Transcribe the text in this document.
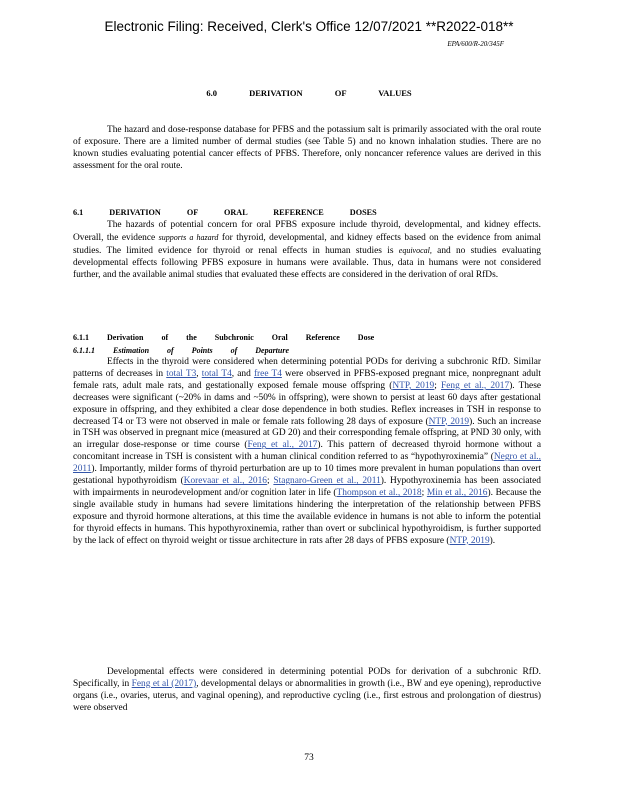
Electronic Filing: Received, Clerk's Office 12/07/2021 **R2022-018**
EPA/600/R-20/345F
6.0 DERIVATION OF VALUES

The hazard and dose-response database for PFBS and the potassium salt is primarily associated with the oral route of exposure. There are a limited number of dermal studies (see Table 5) and no known inhalation studies. There are no known studies evaluating potential cancer effects of PFBS. Therefore, only noncancer reference values are derived in this assessment for the oral route.

6.1 DERIVATION OF ORAL REFERENCE DOSES

The hazards of potential concern for oral PFBS exposure include thyroid, developmental, and kidney effects. Overall, the evidence supports a hazard for thyroid, developmental, and kidney effects based on the evidence from animal studies. The limited evidence for thyroid or renal effects in human studies is equivocal, and no studies evaluating developmental effects following PFBS exposure in humans were available. Thus, data in humans were not considered further, and the available animal studies that evaluated these effects are considered in the derivation of oral RfDs.

6.1.1 Derivation of the Subchronic Oral Reference Dose
6.1.1.1 Estimation of Points of Departure

Effects in the thyroid were considered when determining potential PODs for deriving a subchronic RfD. Similar patterns of decreases in total T3, total T4, and free T4 were observed in PFBS-exposed pregnant mice, nonpregnant adult female rats, adult male rats, and gestationally exposed female mouse offspring (NTP, 2019; Feng et al., 2017). These decreases were significant (~20% in dams and ~50% in offspring), were shown to persist at least 60 days after gestational exposure in offspring, and they exhibited a clear dose dependence in both studies. Reflex increases in TSH in response to decreased T4 or T3 were not observed in male or female rats following 28 days of exposure (NTP, 2019). Such an increase in TSH was observed in pregnant mice (measured at GD 20) and their corresponding female offspring, at PND 30 only, with an irregular dose-response or time course (Feng et al., 2017). This pattern of decreased thyroid hormone without a concomitant increase in TSH is consistent with a human clinical condition referred to as “hypothyroxinemia” (Negro et al., 2011). Importantly, milder forms of thyroid perturbation are up to 10 times more prevalent in human populations than overt gestational hypothyroidism (Korevaar et al., 2016; Stagnaro-Green et al., 2011). Hypothyroxinemia has been associated with impairments in neurodevelopment and/or cognition later in life (Thompson et al., 2018; Min et al., 2016). Because the single available study in humans had severe limitations hindering the interpretation of the relationship between PFBS exposure and thyroid hormone alterations, at this time the available evidence in humans is not able to inform the potential for thyroid effects in humans. This hypothyroxinemia, rather than overt or subclinical hypothyroidism, is further supported by the lack of effect on thyroid weight or tissue architecture in rats after 28 days of PFBS exposure (NTP, 2019).

Developmental effects were considered in determining potential PODs for derivation of a subchronic RfD. Specifically, in Feng et al (2017), developmental delays or abnormalities in growth (i.e., BW and eye opening), reproductive organs (i.e., ovaries, uterus, and vaginal opening), and reproductive cycling (i.e., first estrous and prolongation of diestrus) were observed

73
